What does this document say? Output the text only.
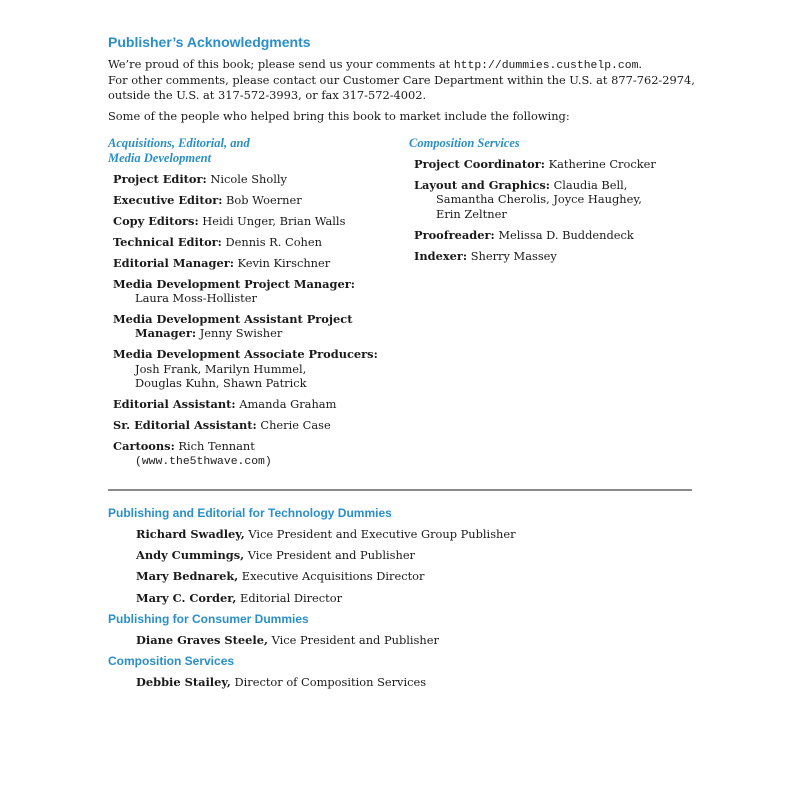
Publisher’s Acknowledgments
We’re proud of this book; please send us your comments at http://dummies.custhelp.com.
For other comments, please contact our Customer Care Department within the U.S. at 877-762-2974,
outside the U.S. at 317-572-3993, or fax 317-572-4002.
Some of the people who helped bring this book to market include the following:
Acquisitions, Editorial, and
Media Development
Project Editor: Nicole Sholly
Executive Editor: Bob Woerner
Copy Editors: Heidi Unger, Brian Walls
Technical Editor: Dennis R. Cohen
Editorial Manager: Kevin Kirschner
Media Development Project Manager:
Laura Moss-Hollister
Media Development Assistant Project
Manager: Jenny Swisher
Media Development Associate Producers:
Josh Frank, Marilyn Hummel,
Douglas Kuhn, Shawn Patrick
Editorial Assistant: Amanda Graham
Sr. Editorial Assistant: Cherie Case
Cartoons: Rich Tennant
(www.the5thwave.com)
Composition Services
Project Coordinator: Katherine Crocker
Layout and Graphics: Claudia Bell,
Samantha Cherolis, Joyce Haughey,
Erin Zeltner
Proofreader: Melissa D. Buddendeck
Indexer: Sherry Massey
Publishing and Editorial for Technology Dummies
Richard Swadley, Vice President and Executive Group Publisher
Andy Cummings, Vice President and Publisher
Mary Bednarek, Executive Acquisitions Director
Mary C. Corder, Editorial Director
Publishing for Consumer Dummies
Diane Graves Steele, Vice President and Publisher
Composition Services
Debbie Stailey, Director of Composition Services
